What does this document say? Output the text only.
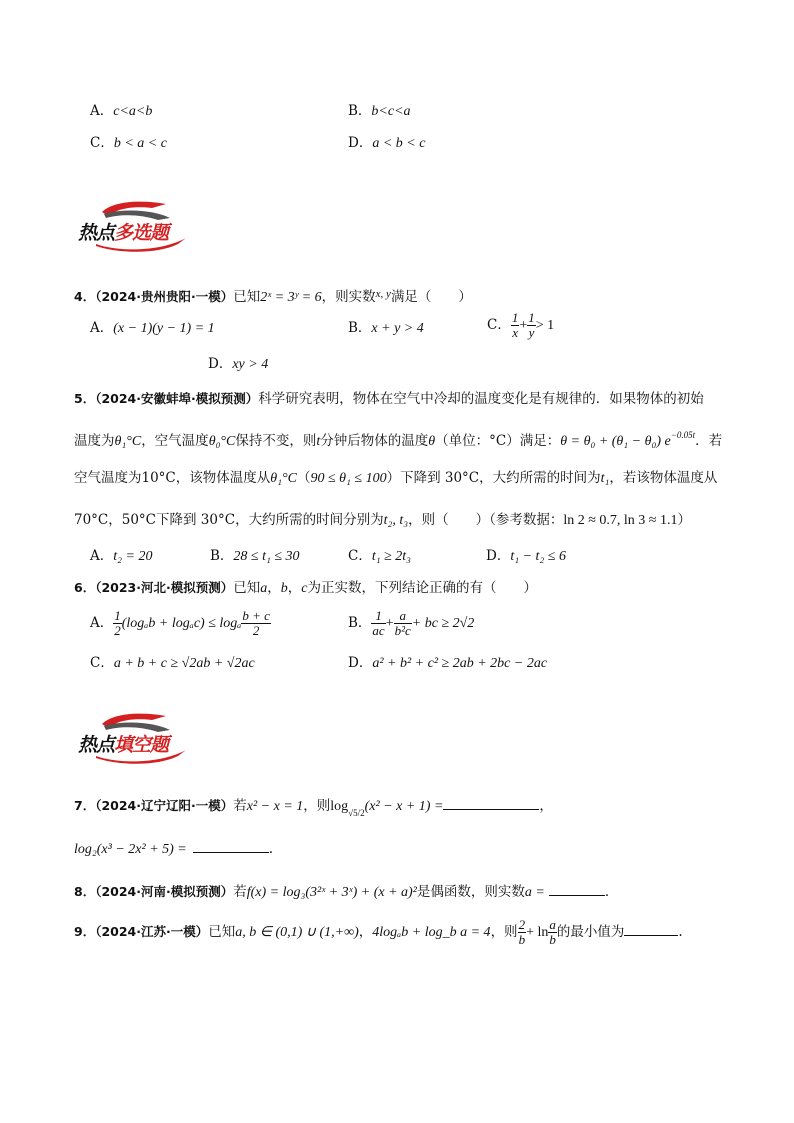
A．c<a<b	B．b<c<a
C．b < a < c	D．a < b < c
热点多选题
4．（2024·贵州贵阳·一模）已知2ˣ = 3ʸ = 6，则实数$^{x, y}$满足（　　）
A．(x − 1)(y − 1) = 1	B．x + y > 4	C． $\frac{1}{x} + \frac{1}{y} > 1$
D．xy > 4
5．（2024·安徽蚌埠·模拟预测）科学研究表明，物体在空气中冷却的温度变化是有规律的．如果物体的初始
温度为θ₁°C，空气温度θ₀°C保持不变，则t分钟后物体的温度θ（单位：°C）满足：θ = θ₀ + (θ₁ − θ₀) $e^{-0.05t}$．若
空气温度为10°C，该物体温度从θ₁°C（90 ≤ θ₁ ≤ 100）下降到 30°C，大约所需的时间为t₁，若该物体温度从
70°C，50°C下降到 30°C，大约所需的时间分别为t₂, t₃，则（　　）（参考数据：ln 2 ≈ 0.7, ln 3 ≈ 1.1）
A．t₂ = 20	B．28 ≤ t₁ ≤ 30	C．t₁ ≥ 2t₃	D．t₁ − t₂ ≤ 6
6．（2023·河北·模拟预测）已知a，b，c为正实数，下列结论正确的有（　　）
A． $\frac{1}{2} (\log_ab + \log_ac) \le \log_a \frac{b + c}{2}$	B． $\frac{1}{ac} + \frac{a}{\text{b²c}}$ + bc ≥ 2√2
C．a + b + c ≥ √2ab + √2ac	D．a² + b² + c² ≥ 2ab + 2bc − 2ac
热点填空题
7．（2024·辽宁辽阳·一模）若x² − x = 1，则$\log_{√5/2}(x^2 - x + 1)$ =	，
log₂(x³ − 2x² + 5) =	.
8．（2024·河南·模拟预测）若f(x) = log₃(3²ˣ + 3ˣ) + (x + a)²是偶函数，则实数a =	．
9．（2024·江苏·一模）已知a, b ∈ (0,1) ∪ (1,+∞)，4logₐb + log_b a = 4，则 $\frac{2}{b} + \ln \frac{a}{b}$ 的最小值为	.
